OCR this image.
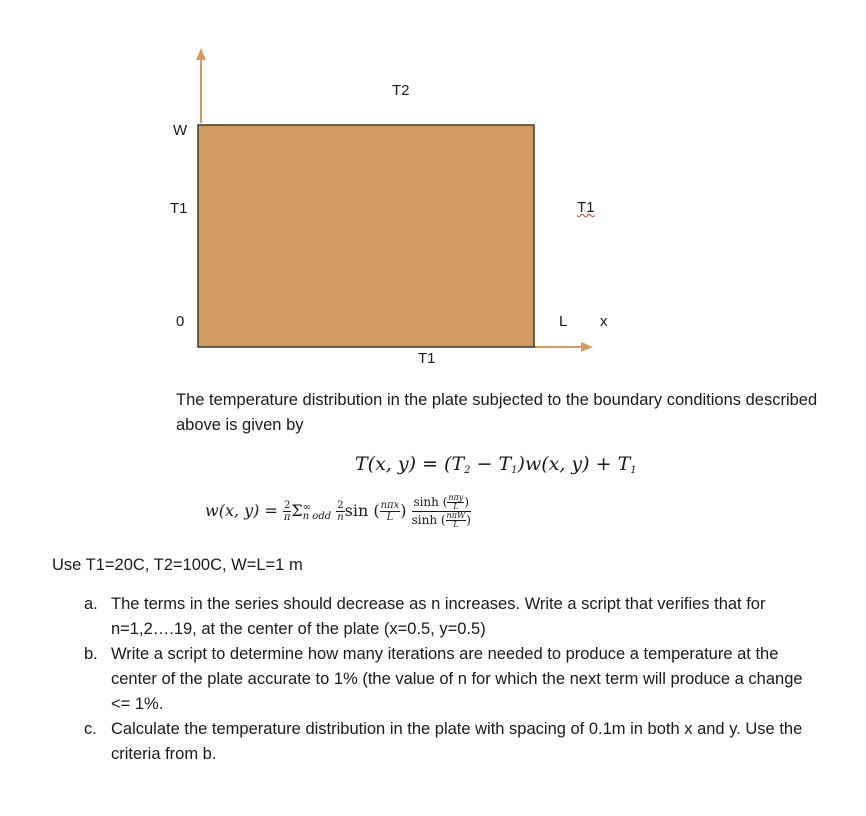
T2
W
T1	T1
0	L x
T1
The temperature distribution in the plate subjected to the boundary conditions described above is given by
T(x, $y) = (T_2 - T_1)w(x$, $y) + T_1$
w(x, $y) = \frac{2}{\pi}$ Σ ∞
n odd
$\frac{2}{n}$ sin ( $\frac{\text{nπx}}{L}$ ) $\frac{\sinh ( \frac{\text{nπy}}{L} )}{\sinh ( \frac{\text{nπW}}{L} )}$
Use T1=20C, T2=100C, W=L=1 m
a. The terms in the series should decrease as n increases. Write a script that verifies that for n=1,2….19, at the center of the plate (x=0.5, y=0.5)
b. Write a script to determine how many iterations are needed to produce a temperature at the center of the plate accurate to 1% (the value of n for which the next term will produce a change <= 1%.
c. Calculate the temperature distribution in the plate with spacing of 0.1m in both x and y. Use the criteria from b.
